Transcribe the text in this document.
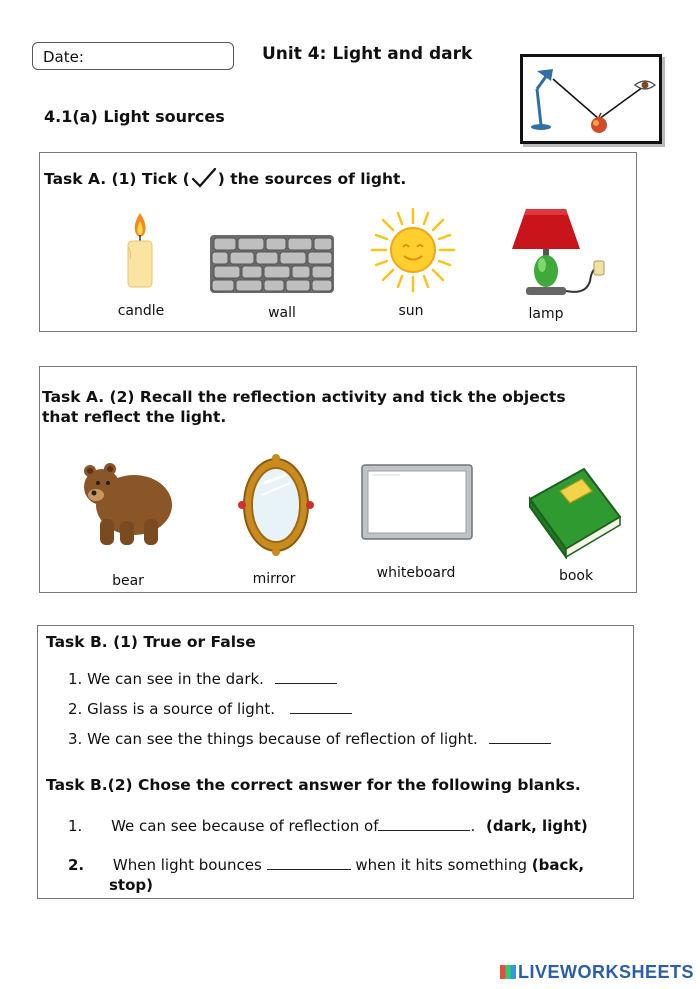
Date:	Unit 4: Light and dark
4.1(a) Light sources
Task A. (1) Tick ( ) the sources of light.
candle	wall	sun	lamp
Task A. (2) Recall the reflection activity and tick the objects
that reflect the light.
bear	mirror	whiteboard	book
Task B. (1) True or False
1. We can see in the dark.
2. Glass is a source of light.
3. We can see the things because of reflection of light.
Task B.(2) Chose the correct answer for the following blanks.
1. We can see because of reflection of	. (dark, light)
2. When light bounces	when it hits something (back,
stop)
LIVEWORKSHEETS
